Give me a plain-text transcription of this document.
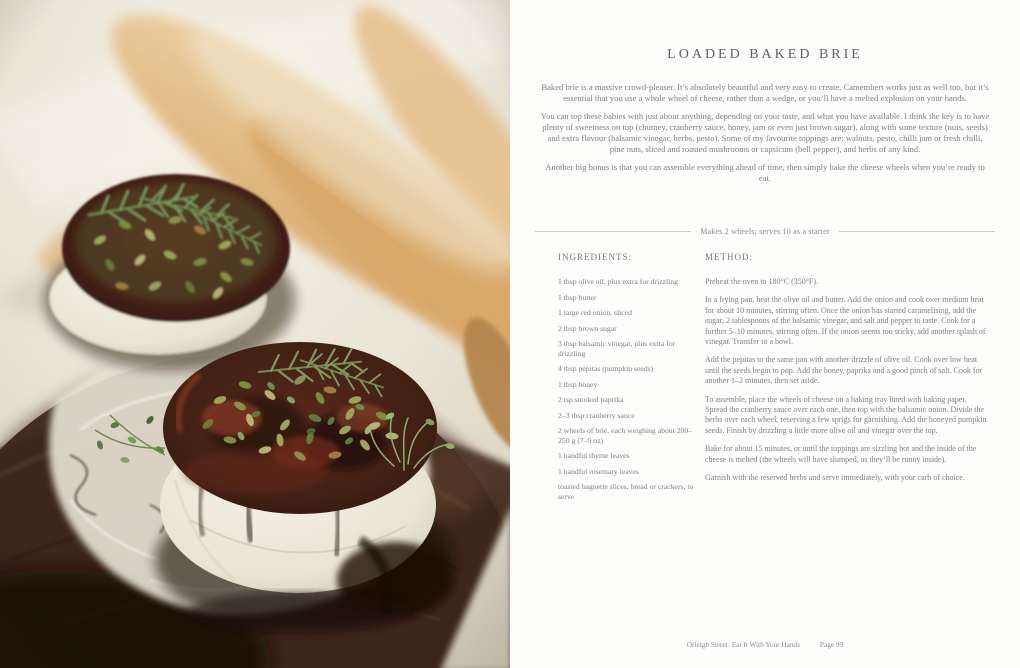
LOADED BAKED BRIE

Baked brie is a massive crowd-pleaser. It’s absolutely beautiful and very easy to create, Camembert works just as well too, but it’s essential that you use a whole wheel of cheese, rather than a wedge, or you’ll have a melted explosion on your hands.

You can top these babies with just about anything, depending on your taste, and what you have available. I think the key is to have plenty of sweetness on top (chutney, cranberry sauce, honey, jam or even just brown sugar), along with some texture (nuts, seeds) and extra flavour (balsamic vinegar, herbs, pesto). Some of my favourite toppings are: walnuts, pesto, chilli jam or fresh chilli, pine nuts, sliced and roasted mushrooms or capsicum (bell pepper), and herbs of any kind.

Another big bonus is that you can assemble everything ahead of time, then simply bake the cheese wheels when you’re ready to eat.

Makes 2 wheels; serves 10 as a starter
INGREDIENTS:
1 tbsp olive oil, plus extra for drizzling
1 tbsp butter
1 large red onion, sliced
2 tbsp brown sugar
3 tbsp balsamic vinegar, plus extra for drizzling
4 tbsp pepitas (pumpkin seeds)
1 tbsp honey
2 tsp smoked paprika
2–3 tbsp cranberry sauce
2 wheels of brie, each weighing about 200–250 g (7–9 oz)
1 handful thyme leaves
1 handful rosemary leaves
toasted baguette slices, bread or crackers, to serve
METHOD:

Preheat the oven to 180°C (350°F).

In a frying pan, heat the olive oil and butter. Add the onion and cook over medium heat for about 10 minutes, stirring often. Once the onion has started caramelising, add the sugar, 2 tablespoons of the balsamic vinegar, and salt and pepper to taste. Cook for a further 5–10 minutes, stirring often. If the onion seems too sticky, add another splash of vinegar. Transfer to a bowl.

Add the pepitas to the same pan with another drizzle of olive oil. Cook over low heat until the seeds begin to pop. Add the honey, paprika and a good pinch of salt. Cook for another 1–2 minutes, then set aside.

To assemble, place the wheels of cheese on a baking tray lined with baking paper. Spread the cranberry sauce over each one, then top with the balsamic onion. Divide the herbs over each wheel, reserving a few sprigs for garnishing. Add the honeyed pumpkin seeds. Finish by drizzling a little more olive oil and vinegar over the top.

Bake for about 15 minutes, or until the toppings are sizzling hot and the inside of the cheese is melted (the wheels will have slumped, as they’ll be runny inside).

Garnish with the reserved herbs and serve immediately, with your carb of choice.

Orleigh Street: Eat It With Your Hands	Page 99
